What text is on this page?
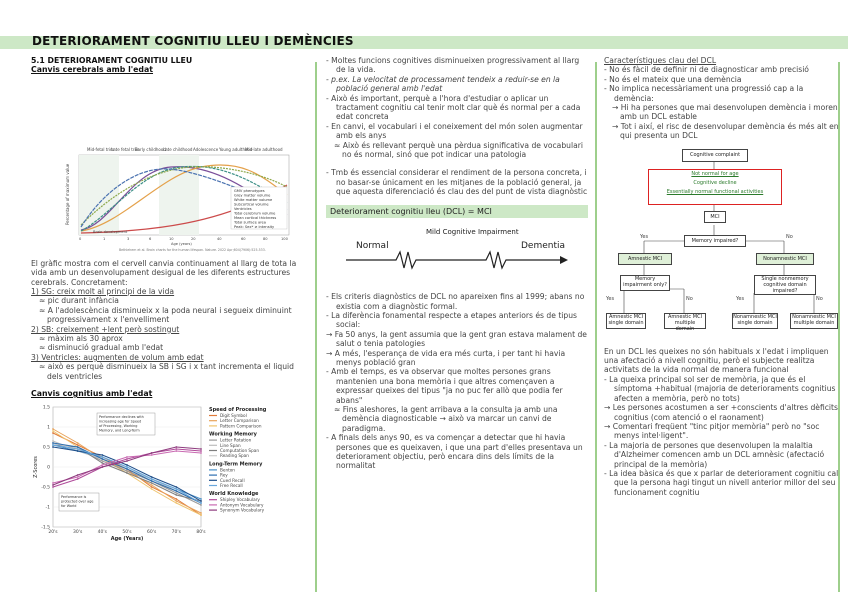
DETERIORAMENT COGNITIU LLEU I DEMÈNCIES

5.1 DETERIORAMENT COGNITIU LLEU

Canvis cerebrals amb l'edat

Mid-fetal trim
Late fetal trim
Early childhood
Late childhood Adolescence Young adulthood
Mid-late adulthood
Percentage of maximum value	GMV phenotypes
Grey matter volume
White matter volume
Subcortical volume
Ventricles
Total cerebrum volume
Mean cortical thickness
Total surface area
Peak: Sex* ≥ intensity
0	1	3	6	10	20	40	60	80	100
Age (years)
Brain development
Bethlehem et al. Brain charts for the human lifespan. Nature. 2022 Apr;604(7906):525-533.

El gràfic mostra com el cervell canvia continuament al llarg de tota la vida amb un desenvolupament desigual de les diferents estructures cerebrals. Concretament:

1) SG: creix molt al principi de la vida

≈ pic durant infància

≈ A l'adolescència disminueix x la poda neural i segueix diminuint progressivament x l'envelliment

2) SB: creixement +lent però sostingut

≈ màxim als 30 aprox

≈ disminució gradual amb l'edat

3) Ventricles: augmenten de volum amb edat

≈ això es perquè disminueix la SB i SG i x tant incrementa el liquid dels ventricles

Canvis cognitius amb l'edat

1.5
1
0.5
0
-0.5
-1
-1.5
20's	30's	40's	50's	60's	70's	80's
Age (Years)
Z-Scores
Performance declines with
increasing age for Speed
of Processing, Working
Memory, and Long-Term
Performance is
protected over age
for World
Speed of Processing
Digit Symbol
Letter Comparison
Pattern Comparison
Working Memory
Letter Rotation
Line Span
Computation Span
Reading Span
Long-Term Memory
Benton
Rey
Cued Recall
Free Recall
World Knowledge
Shipley Vocabulary
Antonym Vocabulary
Synonym Vocabulary

- Moltes funcions cognitives disminueixen progressivament al llarg de la vida.

- p.ex. La velocitat de processament tendeix a reduir-se en la població general amb l'edat

- Això és important, perquè a l'hora d'estudiar o aplicar un tractament cognitiu cal tenir molt clar què és normal per a cada edat concreta

- En canvi, el vocabulari i el coneixement del món solen augmentar amb els anys

≈ Això és rellevant perquè una pèrdua significativa de vocabulari no és normal, sinó que pot indicar una patologia

- Tmb és essencial considerar el rendiment de la persona concreta, i no basar-se únicament en les mitjanes de la població general, ja que aquesta diferenciació és clau des del punt de vista diagnòstic

Deteriorament cognitiu lleu (DCL) = MCI
Normal
Mild Cognitive Impairment
Dementia

- Els criteris diagnòstics de DCL no apareixen fins al 1999; abans no existia com a diagnòstic formal.

- La diferència fonamental respecte a etapes anteriors és de tipus social:

→ Fa 50 anys, la gent assumia que la gent gran estava malament de salut o tenia patologies

→ A més, l'esperança de vida era més curta, i per tant hi havia menys població gran

- Amb el temps, es va observar que moltes persones grans mantenien una bona memòria i que altres començaven a expressar queixes del tipus "ja no puc fer allò que podia fer abans"

≈ Fins aleshores, la gent arribava a la consulta ja amb una demència diagnosticable → això va marcar un canvi de paradigma.

- A finals dels anys 90, es va començar a detectar que hi havia persones que es queixaven, i que una part d'elles presentava un deteriorament objectiu, però encara dins dels límits de la normalitat

Característiques clau del DCL

- No és fàcil de definir ni de diagnosticar amb precisió

- No és el mateix que una demència

- No implica necessàriament una progressió cap a la demència:

→ Hi ha persones que mai desenvolupen demència i moren amb un DCL estable

→ Tot i així, el risc de desenvolupar demència és més alt en qui presenta un DCL

Cognitive complaint
Not normal for age
Cognitive decline
Essentially normal functional activities
MCI
Memory impaired?
Yes	No
Amnestic MCI	Nonamnestic MCI
Memory impairment only?
Single nonmemory cognitive domain impaired?
Yes	No	Yes	No
Amnestic MCI single domain
Amnestic MCI multiple domain
Nonamnestic MCI single domain
Nonamnestic MCI multiple domain

En un DCL les queixes no són habituals x l'edat i impliquen una afectació a nivell cognitiu, però el subjecte realitza activitats de la vida normal de manera funcional

- La queixa principal sol ser de memòria, ja que és el símptoma +habitual (majoria de deterioraments cognitius afecten a memòria, però no tots)

→ Les persones acostumen a ser +conscients d'altres dèficits cognitius (com atenció o el raonament)

→ Comentari freqüent "tinc pitjor memòria" però no "soc menys intel·ligent".

- La majoria de persones que desenvolupen la malaltia d'Alzheimer comencen amb un DCL amnèsic (afectació principal de la memòria)

- La idea bàsica és que x parlar de deteriorament cognitiu cal que la persona hagi tingut un nivell anterior millor del seu funcionament cognitiu
